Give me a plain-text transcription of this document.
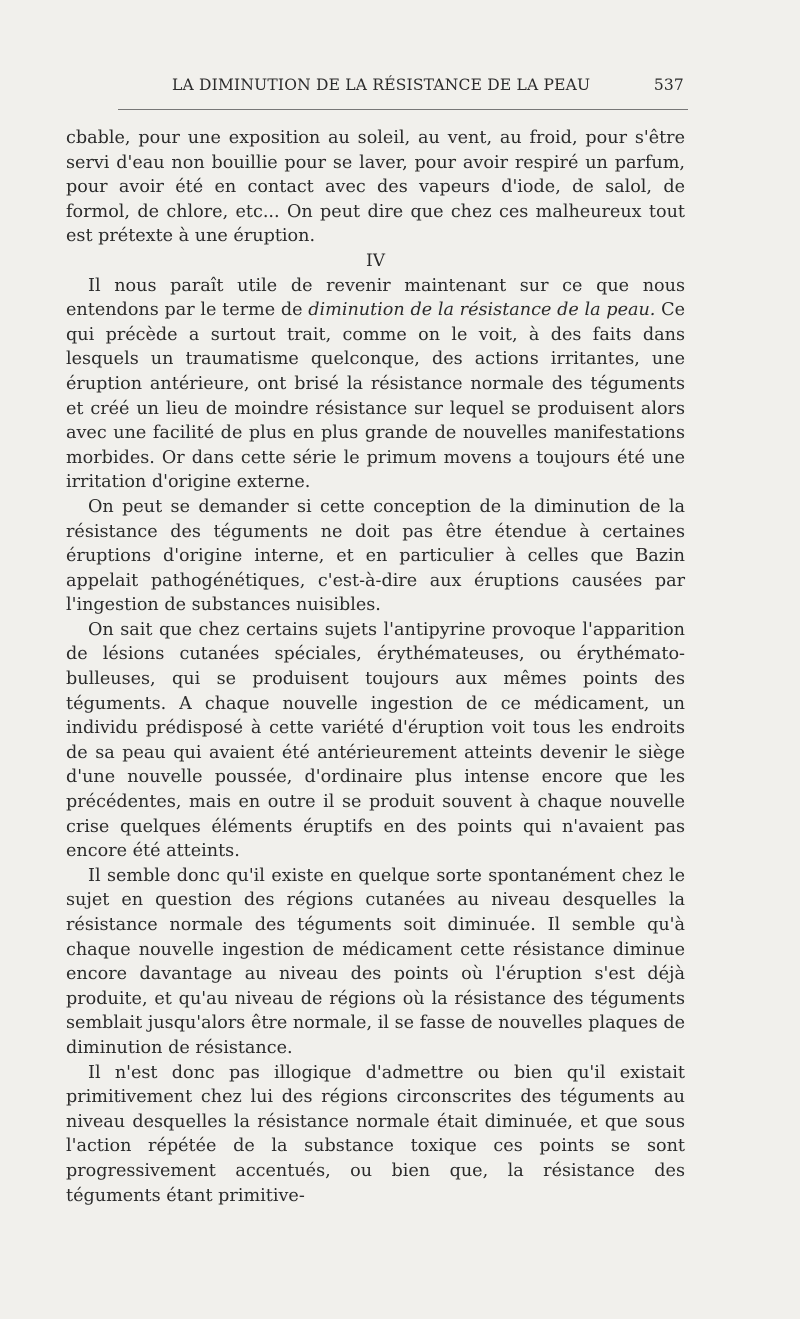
LA DIMINUTION DE LA RÉSISTANCE DE LA PEAU	537

cbable, pour une exposition au soleil, au vent, au froid, pour s'être servi d'eau non bouillie pour se laver, pour avoir respiré un parfum, pour avoir été en contact avec des vapeurs d'iode, de salol, de formol, de chlore, etc... On peut dire que chez ces malheureux tout est prétexte à une éruption.

IV

Il nous paraît utile de revenir maintenant sur ce que nous entendons par le terme de diminution de la résistance de la peau. Ce qui précède a surtout trait, comme on le voit, à des faits dans lesquels un traumatisme quelconque, des actions irritantes, une éruption antérieure, ont brisé la résistance normale des téguments et créé un lieu de moindre résistance sur lequel se produisent alors avec une facilité de plus en plus grande de nouvelles manifestations morbides. Or dans cette série le primum movens a toujours été une irritation d'origine externe.

On peut se demander si cette conception de la diminution de la résistance des téguments ne doit pas être étendue à certaines éruptions d'origine interne, et en particulier à celles que Bazin appelait pathogénétiques, c'est-à-dire aux éruptions causées par l'ingestion de substances nuisibles.

On sait que chez certains sujets l'antipyrine provoque l'apparition de lésions cutanées spéciales, érythémateuses, ou érythémato-bulleuses, qui se produisent toujours aux mêmes points des téguments. A chaque nouvelle ingestion de ce médicament, un individu prédisposé à cette variété d'éruption voit tous les endroits de sa peau qui avaient été antérieurement atteints devenir le siège d'une nouvelle poussée, d'ordinaire plus intense encore que les précédentes, mais en outre il se produit souvent à chaque nouvelle crise quelques éléments éruptifs en des points qui n'avaient pas encore été atteints.

Il semble donc qu'il existe en quelque sorte spontanément chez le sujet en question des régions cutanées au niveau desquelles la résistance normale des téguments soit diminuée. Il semble qu'à chaque nouvelle ingestion de médicament cette résistance diminue encore davantage au niveau des points où l'éruption s'est déjà produite, et qu'au niveau de régions où la résistance des téguments semblait jusqu'alors être normale, il se fasse de nouvelles plaques de diminution de résistance.

Il n'est donc pas illogique d'admettre ou bien qu'il existait primitivement chez lui des régions circonscrites des téguments au niveau desquelles la résistance normale était diminuée, et que sous l'action répétée de la substance toxique ces points se sont progressivement accentués, ou bien que, la résistance des téguments étant primitive-
